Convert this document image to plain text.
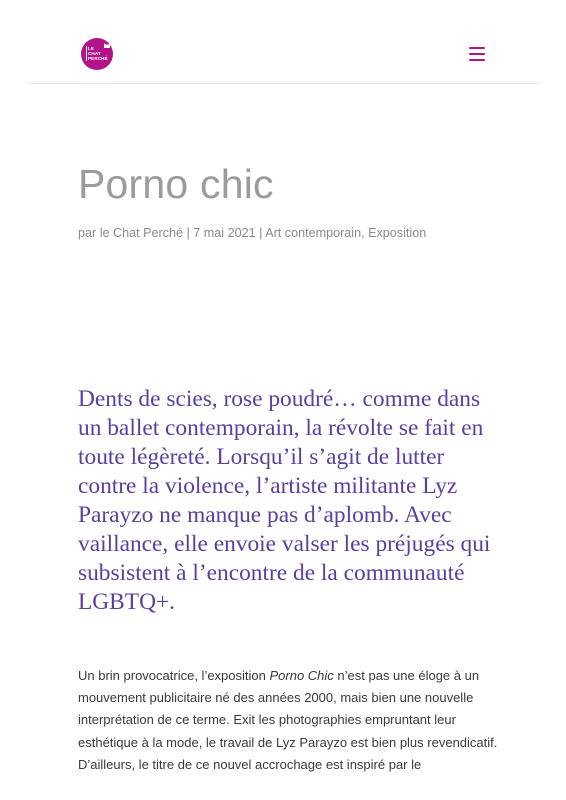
LE
CHAT
PERCHÉ
Porno chic
par le Chat Perché | 7 mai 2021 | Art contemporain, Exposition

Dents de scies, rose poudré… comme dans un ballet contemporain, la révolte se fait en toute légèreté. Lorsqu’il s’agit de lutter contre la violence, l’artiste militante Lyz Parayzo ne manque pas d’aplomb. Avec vaillance, elle envoie valser les préjugés qui subsistent à l’encontre de la communauté LGBTQ+.

Un brin provocatrice, l’exposition Porno Chic n’est pas une éloge à un mouvement publicitaire né des années 2000, mais bien une nouvelle interprétation de ce terme. Exit les photographies empruntant leur esthétique à la mode, le travail de Lyz Parayzo est bien plus revendicatif. D’ailleurs, le titre de ce nouvel accrochage est inspiré par le
